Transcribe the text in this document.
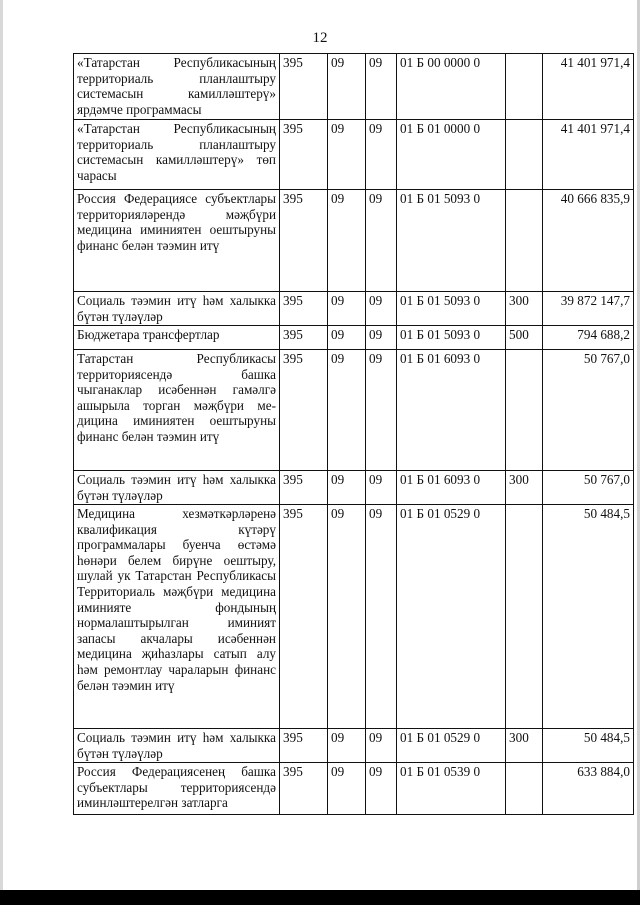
12
«Татарстан Республикасының территориаль планлаштыру системасын камилләштерү» ярдәмче программасы	395	09	09	01 Б 00 0000 0		41 401 971,4
«Татарстан Республикасының территориаль планлаштыру системасын камилләштерү» төп чарасы	395	09	09	01 Б 01 0000 0		41 401 971,4
Россия Федерациясе субъектлары территорияләрендә мәҗбүри медицина иминиятен оештыруны финанс белән тәэмин итү	395	09	09	01 Б 01 5093 0		40 666 835,9
Социаль тәэмин итү һәм халыкка бүтән түләүләр	395	09	09	01 Б 01 5093 0	300	39 872 147,7
Бюджетара трансфертлар	395	09	09	01 Б 01 5093 0	500	794 688,2
Татарстан Республикасы территориясендә башка чыганаклар исәбеннән гамәлгә ашырыла торган мәҗбүри ме-дицина иминиятен оештыруны финанс белән тәэмин итү	395	09	09	01 Б 01 6093 0		50 767,0
Социаль тәэмин итү һәм халыкка бүтән түләүләр	395	09	09	01 Б 01 6093 0	300	50 767,0
Медицина хезмәткәрләренә квалификация күтәрү программалары буенча өстәмә һөнәри белем бирүне оештыру, шулай ук Татарстан Республикасы Территориаль мәҗбүри медицина иминияте фондының нормалаштырылган иминият запасы акчалары исәбеннән медицина җиһазлары сатып алу һәм ремонтлау чараларын финанс белән тәэмин итү	395	09	09	01 Б 01 0529 0		50 484,5
Социаль тәэмин итү һәм халыкка бүтән түләүләр	395	09	09	01 Б 01 0529 0	300	50 484,5
Россия Федерациясенең башка субъектлары территориясендә иминләштерелгән затларга	395	09	09	01 Б 01 0539 0		633 884,0
